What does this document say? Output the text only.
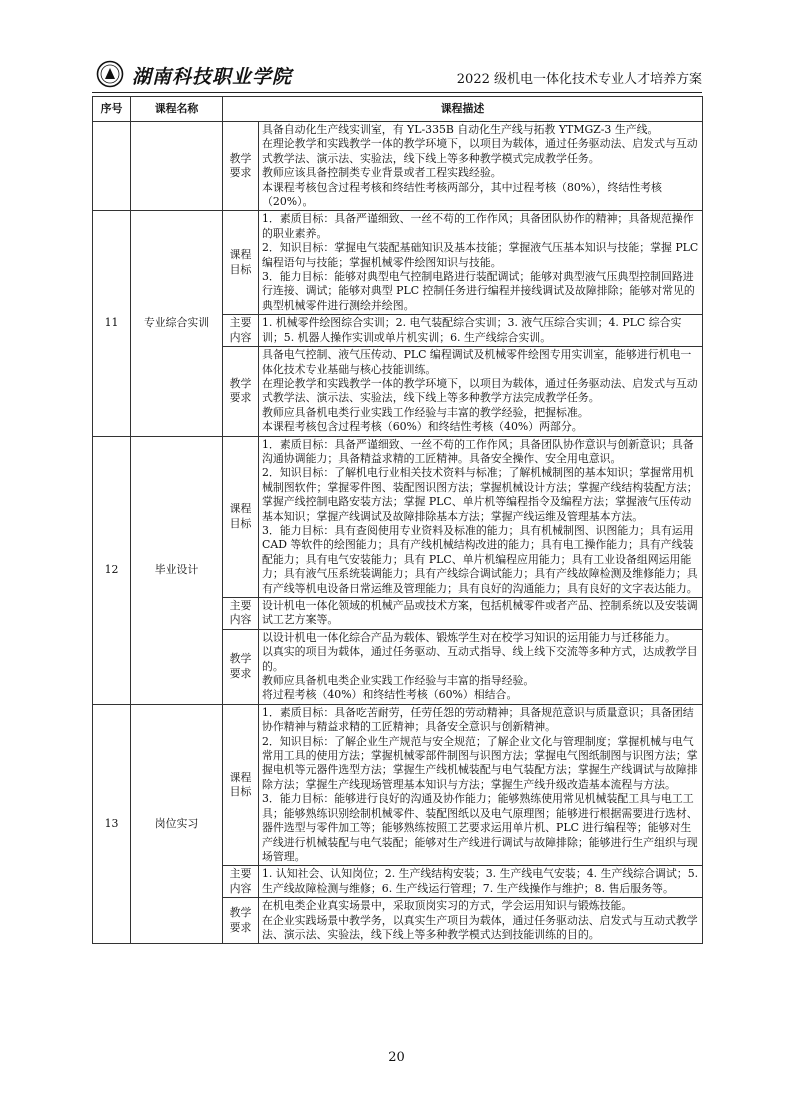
湖南科技职业学院	2022 级机电一体化技术专业人才培养方案
序号	课程名称	课程描述	
		教学要求	具备自动化生产线实训室，有 YL-335B 自动化生产线与拓教 YTMGZ-3 生产线。
在理论教学和实践教学一体的教学环境下，以项目为载体，通过任务驱动法、启发式与互动式教学法、演示法、实验法，线下线上等多种教学模式完成教学任务。
教师应该具备控制类专业背景或者工程实践经验。
本课程考核包含过程考核和终结性考核两部分，其中过程考核（80%），终结性考核（20%）。

11	专业综合实训	课程目标	1．素质目标：具备严谨细致、一丝不苟的工作作风；具备团队协作的精神；具备规范操作的职业素养。
2．知识目标：掌握电气装配基础知识及基本技能；掌握液气压基本知识与技能；掌握 PLC 编程语句与技能；掌握机械零件绘图知识与技能。
3．能力目标：能够对典型电气控制电路进行装配调试；能够对典型液气压典型控制回路进行连接、调试；能够对典型 PLC 控制任务进行编程并接线调试及故障排除；能够对常见的典型机械零件进行测绘并绘图。

		主要内容	1. 机械零件绘图综合实训；2. 电气装配综合实训；3. 液气压综合实训；4. PLC 综合实训；5. 机器人操作实训或单片机实训；6. 生产线综合实训。

		教学要求	具备电气控制、液气压传动、PLC 编程调试及机械零件绘图专用实训室，能够进行机电一体化技术专业基础与核心技能训练。
在理论教学和实践教学一体的教学环境下，以项目为载体，通过任务驱动法、启发式与互动式教学法、演示法、实验法，线下线上等多种教学方法完成教学任务。
教师应具备机电类行业实践工作经验与丰富的教学经验，把握标准。
本课程考核包含过程考核（60%）和终结性考核（40%）两部分。

12	毕业设计	课程目标	1．素质目标：具备严谨细致、一丝不苟的工作作风；具备团队协作意识与创新意识；具备沟通协调能力；具备精益求精的工匠精神。具备安全操作、安全用电意识。
2．知识目标：了解机电行业相关技术资料与标准；了解机械制图的基本知识；掌握常用机械制图软件；掌握零件图、装配图识图方法；掌握机械设计方法；掌握产线结构装配方法；掌握产线控制电路安装方法；掌握 PLC、单片机等编程指令及编程方法；掌握液气压传动基本知识；掌握产线调试及故障排除基本方法；掌握产线运维及管理基本方法。
3．能力目标：具有查阅使用专业资料及标准的能力；具有机械制图、识图能力；具有运用 CAD 等软件的绘图能力；具有产线机械结构改进的能力；具有电工操作能力；具有产线装配能力；具有电气安装能力；具有 PLC、单片机编程应用能力；具有工业设备组网运用能力；具有液气压系统装调能力；具有产线综合调试能力；具有产线故障检测及维修能力；具有产线等机电设备日常运维及管理能力；具有良好的沟通能力；具有良好的文字表达能力。

		主要内容	设计机电一体化领域的机械产品或技术方案，包括机械零件或者产品、控制系统以及安装调试工艺方案等。

		教学要求	以设计机电一体化综合产品为载体、锻炼学生对在校学习知识的运用能力与迁移能力。
以真实的项目为载体，通过任务驱动、互动式指导、线上线下交流等多种方式，达成教学目的。
教师应具备机电类企业实践工作经验与丰富的指导经验。
将过程考核（40%）和终结性考核（60%）相结合。

13	岗位实习	课程目标	1．素质目标：具备吃苦耐劳，任劳任怨的劳动精神；具备规范意识与质量意识；具备团结协作精神与精益求精的工匠精神；具备安全意识与创新精神。
2．知识目标：了解企业生产规范与安全规范；了解企业文化与管理制度；掌握机械与电气常用工具的使用方法；掌握机械零部件制图与识图方法；掌握电气图纸制图与识图方法；掌握电机等元器件选型方法；掌握生产线机械装配与电气装配方法；掌握生产线调试与故障排除方法；掌握生产线现场管理基本知识与方法；掌握生产线升级改造基本流程与方法。
3．能力目标：能够进行良好的沟通及协作能力；能够熟练使用常见机械装配工具与电工工具；能够熟练识别绘制机械零件、装配图纸以及电气原理图；能够进行根据需要进行选材、器件选型与零件加工等；能够熟练按照工艺要求运用单片机、PLC 进行编程等；能够对生产线进行机械装配与电气装配；能够对生产线进行调试与故障排除；能够进行生产组织与现场管理。

		主要内容	1. 认知社会、认知岗位；2. 生产线结构安装；3. 生产线电气安装；4. 生产线综合调试；5. 生产线故障检测与维修；6. 生产线运行管理；7. 生产线操作与维护；8. 售后服务等。

		教学要求	在机电类企业真实场景中，采取顶岗实习的方式，学会运用知识与锻炼技能。
在企业实践场景中教学务，以真实生产项目为载体，通过任务驱动法、启发式与互动式教学法、演示法、实验法，线下线上等多种教学模式达到技能训练的目的。
20
